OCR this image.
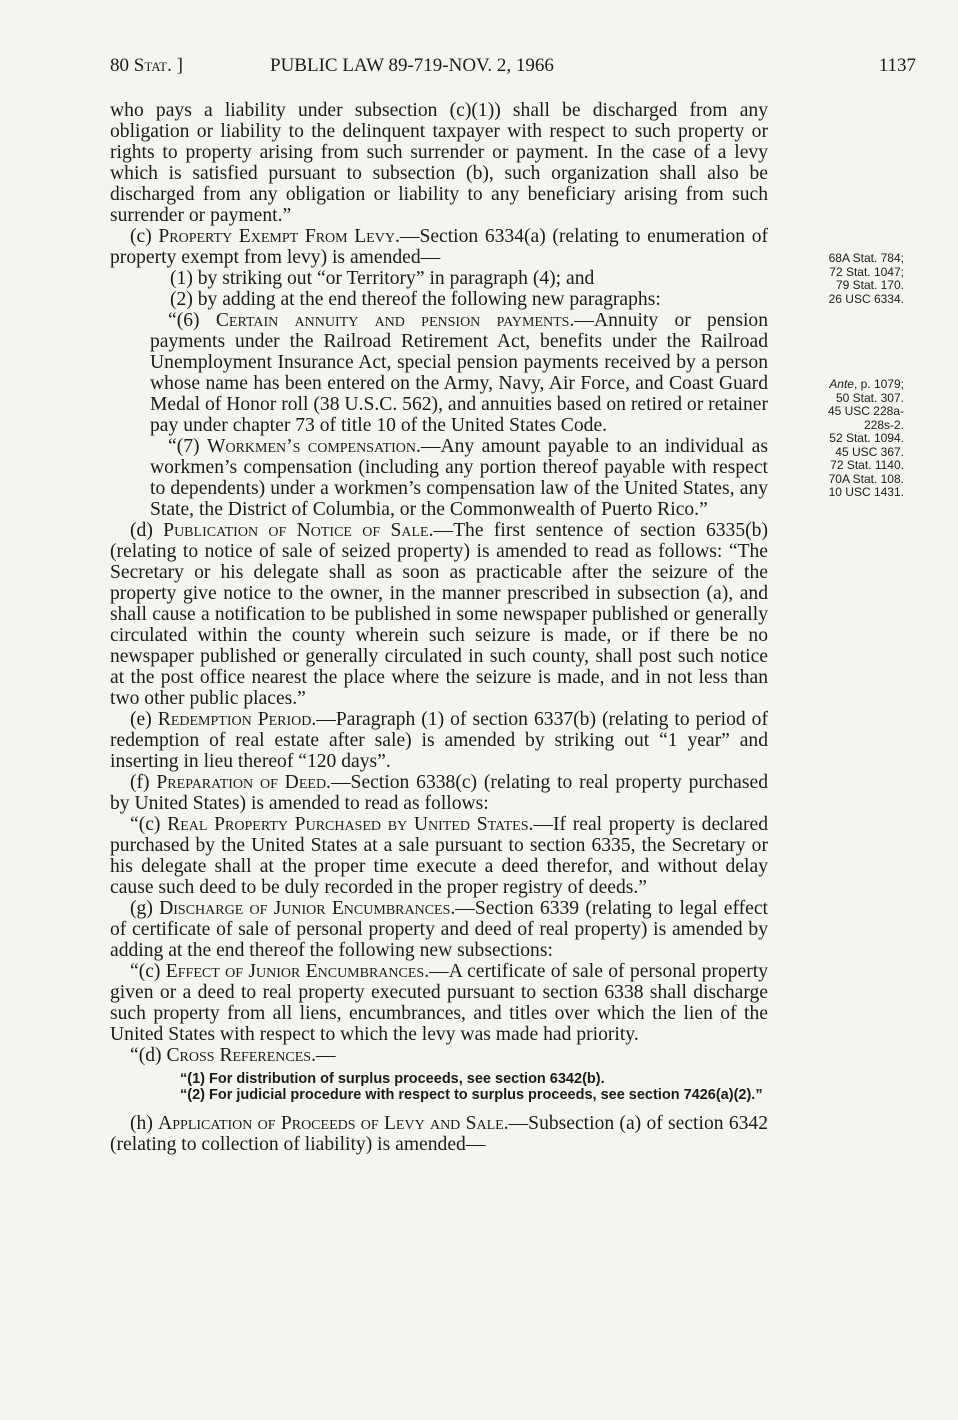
80 Stat. ]	PUBLIC LAW 89-719-NOV. 2, 1966	1137

who pays a liability under subsection (c)(1)) shall be discharged from any obligation or liability to the delinquent taxpayer with respect to such property or rights to property arising from such surrender or payment. In the case of a levy which is satisfied pursuant to subsection (b), such organization shall also be discharged from any obligation or liability to any beneficiary arising from such surrender or payment.”

(c) Property Exempt From Levy.—Section 6334(a) (relating to enumeration of property exempt from levy) is amended—

(1) by striking out “or Territory” in paragraph (4); and

(2) by adding at the end thereof the following new paragraphs:

“(6) Certain annuity and pension payments.—Annuity or pension payments under the Railroad Retirement Act, benefits under the Railroad Unemployment Insurance Act, special pension payments received by a person whose name has been entered on the Army, Navy, Air Force, and Coast Guard Medal of Honor roll (38 U.S.C. 562), and annuities based on retired or retainer pay under chapter 73 of title 10 of the United States Code.

“(7) Workmen’s compensation.—Any amount payable to an individual as workmen’s compensation (including any portion thereof payable with respect to dependents) under a workmen’s compensation law of the United States, any State, the District of Columbia, or the Commonwealth of Puerto Rico.”

(d) Publication of Notice of Sale.—The first sentence of section 6335(b) (relating to notice of sale of seized property) is amended to read as follows: “The Secretary or his delegate shall as soon as practicable after the seizure of the property give notice to the owner, in the manner prescribed in subsection (a), and shall cause a notification to be published in some newspaper published or generally circulated within the county wherein such seizure is made, or if there be no newspaper published or generally circulated in such county, shall post such notice at the post office nearest the place where the seizure is made, and in not less than two other public places.”

(e) Redemption Period.—Paragraph (1) of section 6337(b) (relating to period of redemption of real estate after sale) is amended by striking out “1 year” and inserting in lieu thereof “120 days”.

(f) Preparation of Deed.—Section 6338(c) (relating to real property purchased by United States) is amended to read as follows:

“(c) Real Property Purchased by United States.—If real property is declared purchased by the United States at a sale pursuant to section 6335, the Secretary or his delegate shall at the proper time execute a deed therefor, and without delay cause such deed to be duly recorded in the proper registry of deeds.”

(g) Discharge of Junior Encumbrances.—Section 6339 (relating to legal effect of certificate of sale of personal property and deed of real property) is amended by adding at the end thereof the following new subsections:

“(c) Effect of Junior Encumbrances.—A certificate of sale of personal property given or a deed to real property executed pursuant to section 6338 shall discharge such property from all liens, encumbrances, and titles over which the lien of the United States with respect to which the levy was made had priority.

“(d) Cross References.—

“(1) For distribution of surplus proceeds, see section 6342(b).

“(2) For judicial procedure with respect to surplus proceeds, see section 7426(a)(2).”

(h) Application of Proceeds of Levy and Sale.—Subsection (a) of section 6342 (relating to collection of liability) is amended—

68A Stat. 784;
72 Stat. 1047;
79 Stat. 170.
26 USC 6334.
Ante, p. 1079;
50 Stat. 307.
45 USC 228a-
228s-2.
52 Stat. 1094.
45 USC 367.
72 Stat. 1140.
70A Stat. 108.
10 USC 1431.
